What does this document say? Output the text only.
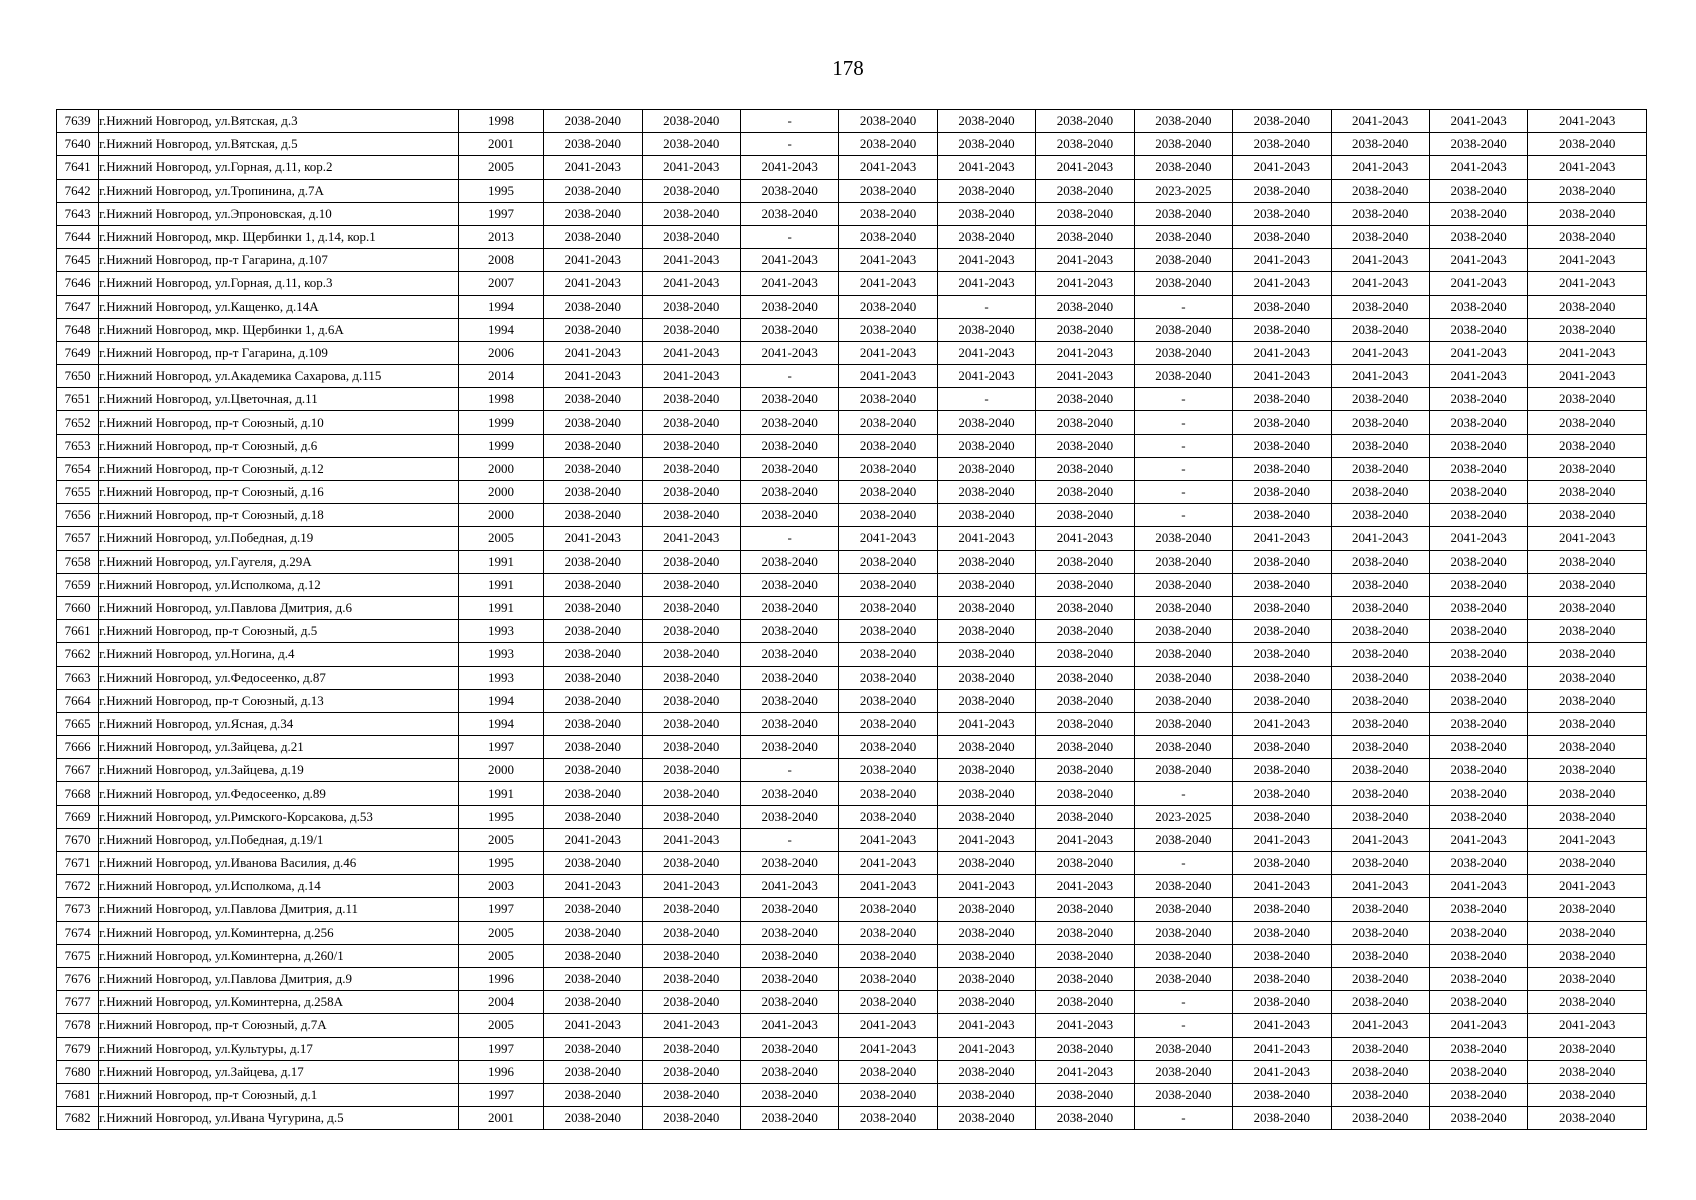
178
7639	г.Нижний Новгород, ул.Вятская, д.3	1998	2038-2040	2038-2040	-	2038-2040	2038-2040	2038-2040	2038-2040	2038-2040	2041-2043	2041-2043	2041-2043
7640	г.Нижний Новгород, ул.Вятская, д.5	2001	2038-2040	2038-2040	-	2038-2040	2038-2040	2038-2040	2038-2040	2038-2040	2038-2040	2038-2040	2038-2040
7641	г.Нижний Новгород, ул.Горная, д.11, кор.2	2005	2041-2043	2041-2043	2041-2043	2041-2043	2041-2043	2041-2043	2038-2040	2041-2043	2041-2043	2041-2043	2041-2043
7642	г.Нижний Новгород, ул.Тропинина, д.7А	1995	2038-2040	2038-2040	2038-2040	2038-2040	2038-2040	2038-2040	2023-2025	2038-2040	2038-2040	2038-2040	2038-2040
7643	г.Нижний Новгород, ул.Эпроновская, д.10	1997	2038-2040	2038-2040	2038-2040	2038-2040	2038-2040	2038-2040	2038-2040	2038-2040	2038-2040	2038-2040	2038-2040
7644	г.Нижний Новгород, мкр. Щербинки 1, д.14, кор.1	2013	2038-2040	2038-2040	-	2038-2040	2038-2040	2038-2040	2038-2040	2038-2040	2038-2040	2038-2040	2038-2040
7645	г.Нижний Новгород, пр-т Гагарина, д.107	2008	2041-2043	2041-2043	2041-2043	2041-2043	2041-2043	2041-2043	2038-2040	2041-2043	2041-2043	2041-2043	2041-2043
7646	г.Нижний Новгород, ул.Горная, д.11, кор.3	2007	2041-2043	2041-2043	2041-2043	2041-2043	2041-2043	2041-2043	2038-2040	2041-2043	2041-2043	2041-2043	2041-2043
7647	г.Нижний Новгород, ул.Кащенко, д.14А	1994	2038-2040	2038-2040	2038-2040	2038-2040	-	2038-2040	-	2038-2040	2038-2040	2038-2040	2038-2040
7648	г.Нижний Новгород, мкр. Щербинки 1, д.6А	1994	2038-2040	2038-2040	2038-2040	2038-2040	2038-2040	2038-2040	2038-2040	2038-2040	2038-2040	2038-2040	2038-2040
7649	г.Нижний Новгород, пр-т Гагарина, д.109	2006	2041-2043	2041-2043	2041-2043	2041-2043	2041-2043	2041-2043	2038-2040	2041-2043	2041-2043	2041-2043	2041-2043
7650	г.Нижний Новгород, ул.Академика Сахарова, д.115	2014	2041-2043	2041-2043	-	2041-2043	2041-2043	2041-2043	2038-2040	2041-2043	2041-2043	2041-2043	2041-2043
7651	г.Нижний Новгород, ул.Цветочная, д.11	1998	2038-2040	2038-2040	2038-2040	2038-2040	-	2038-2040	-	2038-2040	2038-2040	2038-2040	2038-2040
7652	г.Нижний Новгород, пр-т Союзный, д.10	1999	2038-2040	2038-2040	2038-2040	2038-2040	2038-2040	2038-2040	-	2038-2040	2038-2040	2038-2040	2038-2040
7653	г.Нижний Новгород, пр-т Союзный, д.6	1999	2038-2040	2038-2040	2038-2040	2038-2040	2038-2040	2038-2040	-	2038-2040	2038-2040	2038-2040	2038-2040
7654	г.Нижний Новгород, пр-т Союзный, д.12	2000	2038-2040	2038-2040	2038-2040	2038-2040	2038-2040	2038-2040	-	2038-2040	2038-2040	2038-2040	2038-2040
7655	г.Нижний Новгород, пр-т Союзный, д.16	2000	2038-2040	2038-2040	2038-2040	2038-2040	2038-2040	2038-2040	-	2038-2040	2038-2040	2038-2040	2038-2040
7656	г.Нижний Новгород, пр-т Союзный, д.18	2000	2038-2040	2038-2040	2038-2040	2038-2040	2038-2040	2038-2040	-	2038-2040	2038-2040	2038-2040	2038-2040
7657	г.Нижний Новгород, ул.Победная, д.19	2005	2041-2043	2041-2043	-	2041-2043	2041-2043	2041-2043	2038-2040	2041-2043	2041-2043	2041-2043	2041-2043
7658	г.Нижний Новгород, ул.Гаугеля, д.29А	1991	2038-2040	2038-2040	2038-2040	2038-2040	2038-2040	2038-2040	2038-2040	2038-2040	2038-2040	2038-2040	2038-2040
7659	г.Нижний Новгород, ул.Исполкома, д.12	1991	2038-2040	2038-2040	2038-2040	2038-2040	2038-2040	2038-2040	2038-2040	2038-2040	2038-2040	2038-2040	2038-2040
7660	г.Нижний Новгород, ул.Павлова Дмитрия, д.6	1991	2038-2040	2038-2040	2038-2040	2038-2040	2038-2040	2038-2040	2038-2040	2038-2040	2038-2040	2038-2040	2038-2040
7661	г.Нижний Новгород, пр-т Союзный, д.5	1993	2038-2040	2038-2040	2038-2040	2038-2040	2038-2040	2038-2040	2038-2040	2038-2040	2038-2040	2038-2040	2038-2040
7662	г.Нижний Новгород, ул.Ногина, д.4	1993	2038-2040	2038-2040	2038-2040	2038-2040	2038-2040	2038-2040	2038-2040	2038-2040	2038-2040	2038-2040	2038-2040
7663	г.Нижний Новгород, ул.Федосеенко, д.87	1993	2038-2040	2038-2040	2038-2040	2038-2040	2038-2040	2038-2040	2038-2040	2038-2040	2038-2040	2038-2040	2038-2040
7664	г.Нижний Новгород, пр-т Союзный, д.13	1994	2038-2040	2038-2040	2038-2040	2038-2040	2038-2040	2038-2040	2038-2040	2038-2040	2038-2040	2038-2040	2038-2040
7665	г.Нижний Новгород, ул.Ясная, д.34	1994	2038-2040	2038-2040	2038-2040	2038-2040	2041-2043	2038-2040	2038-2040	2041-2043	2038-2040	2038-2040	2038-2040
7666	г.Нижний Новгород, ул.Зайцева, д.21	1997	2038-2040	2038-2040	2038-2040	2038-2040	2038-2040	2038-2040	2038-2040	2038-2040	2038-2040	2038-2040	2038-2040
7667	г.Нижний Новгород, ул.Зайцева, д.19	2000	2038-2040	2038-2040	-	2038-2040	2038-2040	2038-2040	2038-2040	2038-2040	2038-2040	2038-2040	2038-2040
7668	г.Нижний Новгород, ул.Федосеенко, д.89	1991	2038-2040	2038-2040	2038-2040	2038-2040	2038-2040	2038-2040	-	2038-2040	2038-2040	2038-2040	2038-2040
7669	г.Нижний Новгород, ул.Римского-Корсакова, д.53	1995	2038-2040	2038-2040	2038-2040	2038-2040	2038-2040	2038-2040	2023-2025	2038-2040	2038-2040	2038-2040	2038-2040
7670	г.Нижний Новгород, ул.Победная, д.19/1	2005	2041-2043	2041-2043	-	2041-2043	2041-2043	2041-2043	2038-2040	2041-2043	2041-2043	2041-2043	2041-2043
7671	г.Нижний Новгород, ул.Иванова Василия, д.46	1995	2038-2040	2038-2040	2038-2040	2041-2043	2038-2040	2038-2040	-	2038-2040	2038-2040	2038-2040	2038-2040
7672	г.Нижний Новгород, ул.Исполкома, д.14	2003	2041-2043	2041-2043	2041-2043	2041-2043	2041-2043	2041-2043	2038-2040	2041-2043	2041-2043	2041-2043	2041-2043
7673	г.Нижний Новгород, ул.Павлова Дмитрия, д.11	1997	2038-2040	2038-2040	2038-2040	2038-2040	2038-2040	2038-2040	2038-2040	2038-2040	2038-2040	2038-2040	2038-2040
7674	г.Нижний Новгород, ул.Коминтерна, д.256	2005	2038-2040	2038-2040	2038-2040	2038-2040	2038-2040	2038-2040	2038-2040	2038-2040	2038-2040	2038-2040	2038-2040
7675	г.Нижний Новгород, ул.Коминтерна, д.260/1	2005	2038-2040	2038-2040	2038-2040	2038-2040	2038-2040	2038-2040	2038-2040	2038-2040	2038-2040	2038-2040	2038-2040
7676	г.Нижний Новгород, ул.Павлова Дмитрия, д.9	1996	2038-2040	2038-2040	2038-2040	2038-2040	2038-2040	2038-2040	2038-2040	2038-2040	2038-2040	2038-2040	2038-2040
7677	г.Нижний Новгород, ул.Коминтерна, д.258А	2004	2038-2040	2038-2040	2038-2040	2038-2040	2038-2040	2038-2040	-	2038-2040	2038-2040	2038-2040	2038-2040
7678	г.Нижний Новгород, пр-т Союзный, д.7А	2005	2041-2043	2041-2043	2041-2043	2041-2043	2041-2043	2041-2043	-	2041-2043	2041-2043	2041-2043	2041-2043
7679	г.Нижний Новгород, ул.Культуры, д.17	1997	2038-2040	2038-2040	2038-2040	2041-2043	2041-2043	2038-2040	2038-2040	2041-2043	2038-2040	2038-2040	2038-2040
7680	г.Нижний Новгород, ул.Зайцева, д.17	1996	2038-2040	2038-2040	2038-2040	2038-2040	2038-2040	2041-2043	2038-2040	2041-2043	2038-2040	2038-2040	2038-2040
7681	г.Нижний Новгород, пр-т Союзный, д.1	1997	2038-2040	2038-2040	2038-2040	2038-2040	2038-2040	2038-2040	2038-2040	2038-2040	2038-2040	2038-2040	2038-2040
7682	г.Нижний Новгород, ул.Ивана Чугурина, д.5	2001	2038-2040	2038-2040	2038-2040	2038-2040	2038-2040	2038-2040	-	2038-2040	2038-2040	2038-2040	2038-2040
